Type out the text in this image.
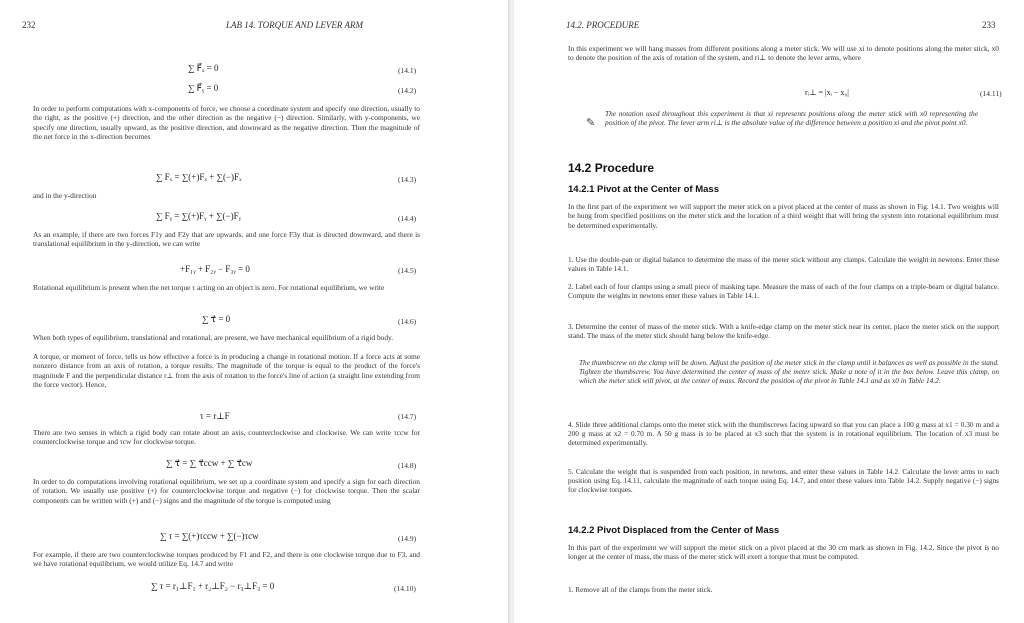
232	LAB 14. TORQUE AND LEVER ARM
∑ F⃗ₓ = 0	(14.1)
∑ F⃗ᵧ = 0	(14.2)
In order to perform computations with x-components of force, we choose a coordinate system and specify one direction, usually to the right, as the positive (+) direction, and the other direction as the negative (−) direction. Similarly, with y-components, we specify one direction, usually upward, as the positive direction, and downward as the negative direction. Then the magnitude of the net force in the x-direction becomes
∑ Fₓ = ∑(+)Fₓ + ∑(−)Fₓ	(14.3)
and in the y-direction
∑ Fᵧ = ∑(+)Fᵧ + ∑(−)Fᵧ	(14.4)
As an example, if there are two forces F1y and F2y that are upwards, and one force F3y that is directed downward, and there is translational equilibrium in the y-direction, we can write
+F₁ᵧ + F₂ᵧ − F₃ᵧ = 0	(14.5)
Rotational equilibrium is present when the net torque τ acting on an object is zero. For rotational equilibrium, we write
∑ τ⃗ = 0	(14.6)
When both types of equilibrium, translational and rotational, are present, we have mechanical equilibrium of a rigid body.
A torque, or moment of force, tells us how effective a force is in producing a change in rotational motion. If a force acts at some nonzero distance from an axis of rotation, a torque results. The magnitude of the torque is equal to the product of the force's magnitude F and the perpendicular distance r⊥ from the axis of rotation to the force's line of action (a straight line extending from the force vector). Hence,
τ = r⊥F	(14.7)
There are two senses in which a rigid body can rotate about an axis, counterclockwise and clockwise. We can write τccw for counterclockwise torque and τcw for clockwise torque.
∑ τ⃗ = ∑ τ⃗ccw + ∑ τ⃗cw	(14.8)
In order to do computations involving rotational equilibrium, we set up a coordinate system and specify a sign for each direction of rotation. We usually use positive (+) for counterclockwise torque and negative (−) for clockwise torque. Then the scalar components can be written with (+) and (−) signs and the magnitude of the torque is computed using
∑ τ = ∑(+)τccw + ∑(−)τcw	(14.9)
For example, if there are two counterclockwise torques produced by F1 and F2, and there is one clockwise torque due to F3, and we have rotational equilibrium, we would utilize Eq. 14.7 and write
∑ τ = r₁⊥F₁ + r₂⊥F₂ − r₃⊥F₃ = 0	(14.10)
14.2. PROCEDURE	233
In this experiment we will hang masses from different positions along a meter stick. We will use xi to denote positions along the meter stick, x0 to denote the position of the axis of rotation of the system, and ri⊥ to denote the lever arms, where
rᵢ⊥ = |xᵢ − x₀|	(14.11)
✎
The notation used throughout this experiment is that xi represents positions along the meter stick with x0 representing the position of the pivot. The lever arm ri⊥ is the absolute value of the difference between a position xi and the pivot point x0.
14.2 Procedure
14.2.1 Pivot at the Center of Mass
In the first part of the experiment we will support the meter stick on a pivot placed at the center of mass as shown in Fig. 14.1. Two weights will be hung from specified positions on the meter stick and the location of a third weight that will bring the system into rotational equilibrium must be determined experimentally.
1. Use the double-pan or digital balance to determine the mass of the meter stick without any clamps. Calculate the weight in newtons. Enter these values in Table 14.1.
2. Label each of four clamps using a small piece of masking tape. Measure the mass of each of the four clamps on a triple-beam or digital balance. Compute the weights in newtons enter these values in Table 14.1.
3. Determine the center of mass of the meter stick. With a knife-edge clamp on the meter stick near its center, place the meter stick on the support stand. The mass of the meter stick should hang below the knife-edge.
The thumbscrew on the clamp will be down. Adjust the position of the meter stick in the clamp until it balances as well as possible in the stand. Tighten the thumbscrew. You have determined the center of mass of the meter stick. Make a note of it in the box below. Leave this clamp, on which the meter stick will pivot, at the center of mass. Record the position of the pivot in Table 14.1 and as x0 in Table 14.2.
4. Slide three additional clamps onto the meter stick with the thumbscrews facing upward so that you can place a 100 g mass at x1 = 0.30 m and a 200 g mass at x2 = 0.70 m. A 50 g mass is to be placed at x3 such that the system is in rotational equilibrium. The location of x3 must be determined experimentally.
5. Calculate the weight that is suspended from each position, in newtons, and enter these values in Table 14.2. Calculate the lever arms to each position using Eq. 14.11, calculate the magnitude of each torque using Eq. 14.7, and enter these values into Table 14.2. Supply negative (−) signs for clockwise torques.
14.2.2 Pivot Displaced from the Center of Mass
In this part of the experiment we will support the meter stick on a pivot placed at the 30 cm mark as shown in Fig. 14.2. Since the pivot is no longer at the center of mass, the mass of the meter stick will exert a torque that must be computed.
1. Remove all of the clamps from the meter stick.
